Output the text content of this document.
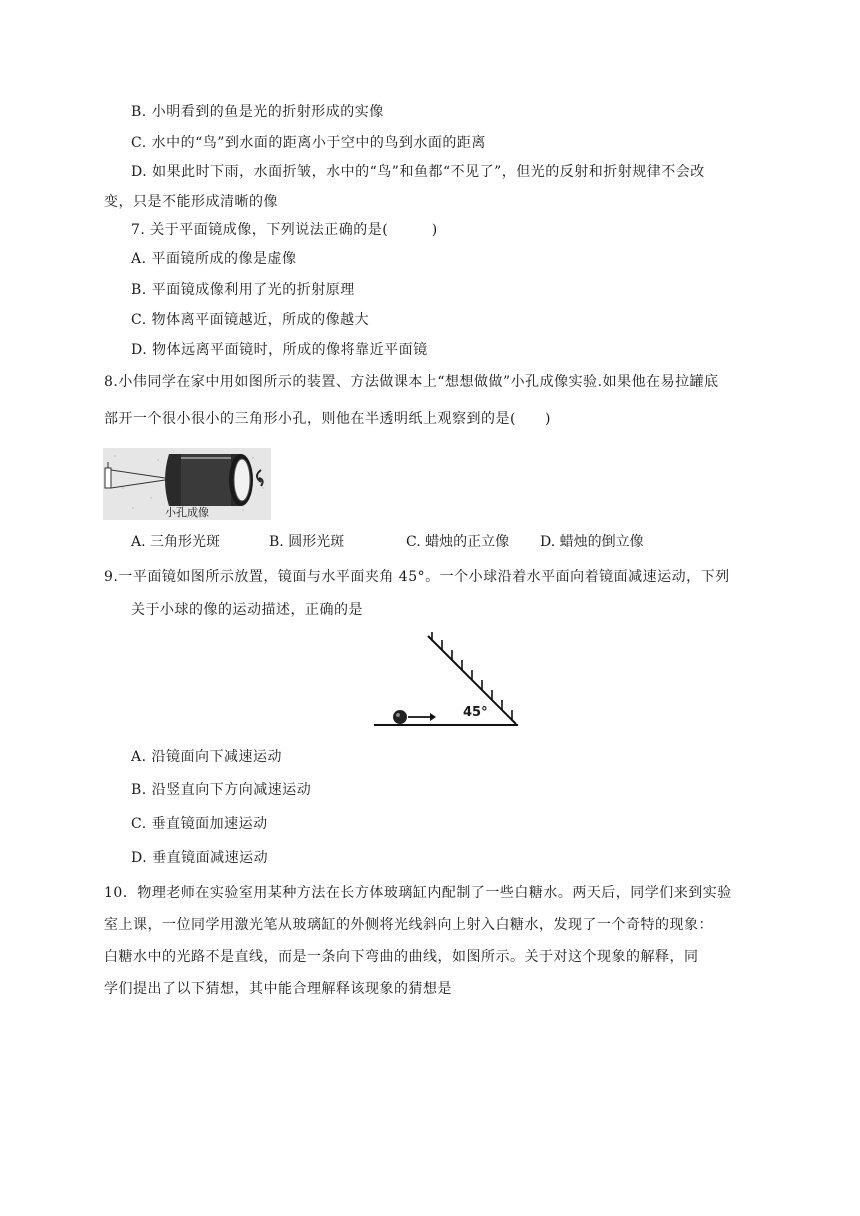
B. 小明看到的鱼是光的折射形成的实像
C. 水中的“鸟”到水面的距离小于空中的鸟到水面的距离
D. 如果此时下雨，水面折皱，水中的“鸟”和鱼都“不见了”，但光的反射和折射规律不会改
变，只是不能形成清晰的像
7. 关于平面镜成像，下列说法正确的是(　　　)
A. 平面镜所成的像是虚像
B. 平面镜成像利用了光的折射原理
C. 物体离平面镜越近，所成的像越大
D. 物体远离平面镜时，所成的像将靠近平面镜
8.小伟同学在家中用如图所示的装置、方法做课本上“想想做做”小孔成像实验.如果他在易拉罐底
部开一个很小很小的三角形小孔，则他在半透明纸上观察到的是(　　)
小孔成像
A. 三角形光斑	B. 圆形光斑	C. 蜡烛的正立像 D. 蜡烛的倒立像
9.一平面镜如图所示放置，镜面与水平面夹角 45°。一个小球沿着水平面向着镜面减速运动，下列
关于小球的像的运动描述，正确的是
45°
A. 沿镜面向下减速运动
B. 沿竖直向下方向减速运动
C. 垂直镜面加速运动
D. 垂直镜面减速运动
10．物理老师在实验室用某种方法在长方体玻璃缸内配制了一些白糖水。两天后，同学们来到实验
室上课，一位同学用激光笔从玻璃缸的外侧将光线斜向上射入白糖水，发现了一个奇特的现象：
白糖水中的光路不是直线，而是一条向下弯曲的曲线，如图所示。关于对这个现象的解释，同
学们提出了以下猜想，其中能合理解释该现象的猜想是
